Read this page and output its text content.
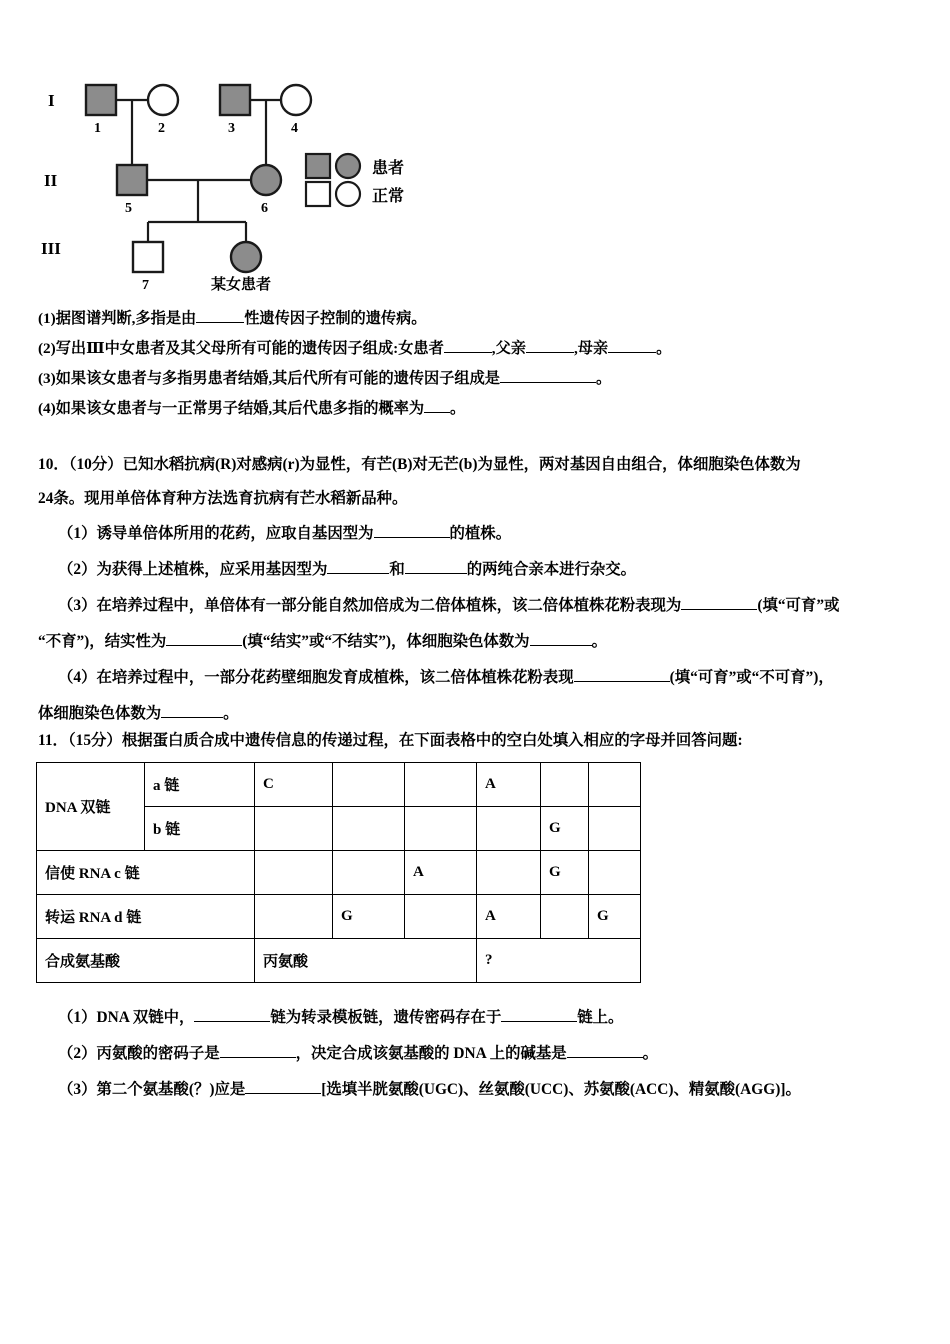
I
II
III
1	2	3	4
5	6
7	某女患者
患者
正常
(1)据图谱判断,多指是由	性遗传因子控制的遗传病。
(2)写出Ⅲ中女患者及其父母所有可能的遗传因子组成:女患者	,父亲	,母亲	。
(3)如果该女患者与多指男患者结婚,其后代所有可能的遗传因子组成是	。
(4)如果该女患者与一正常男子结婚,其后代患多指的概率为 。
10．（10分）已知水稻抗病(R)对感病(r)为显性，有芒(B)对无芒(b)为显性，两对基因自由组合，体细胞染色体数为
24条。现用单倍体育种方法选育抗病有芒水稻新品种。
（1）诱导单倍体所用的花药，应取自基因型为	的植株。
（2）为获得上述植株，应采用基因型为	和	的两纯合亲本进行杂交。
（3）在培养过程中，单倍体有一部分能自然加倍成为二倍体植株，该二倍体植株花粉表现为	(填“可育”或
“不育”)，结实性为	(填“结实”或“不结实”)，体细胞染色体数为	。
（4）在培养过程中，一部分花药壁细胞发育成植株，该二倍体植株花粉表现	(填“可育”或“不可育”)，
体细胞染色体数为	。
11．（15分）根据蛋白质合成中遗传信息的传递过程，在下面表格中的空白处填入相应的字母并回答问题:
DNA 双链	a 链	C			A		
	b 链					G	
信使 RNA c 链				A		G	
转运 RNA d 链			G		A		G
合成氨基酸		丙氨酸			?		
（1）DNA 双链中，	链为转录模板链，遗传密码存在于	链上。
（2）丙氨酸的密码子是	，决定合成该氨基酸的 DNA 上的碱基是	。
（3）第二个氨基酸(？)应是	[选填半胱氨酸(UGC)、丝氨酸(UCC)、苏氨酸(ACC)、精氨酸(AGG)]。
